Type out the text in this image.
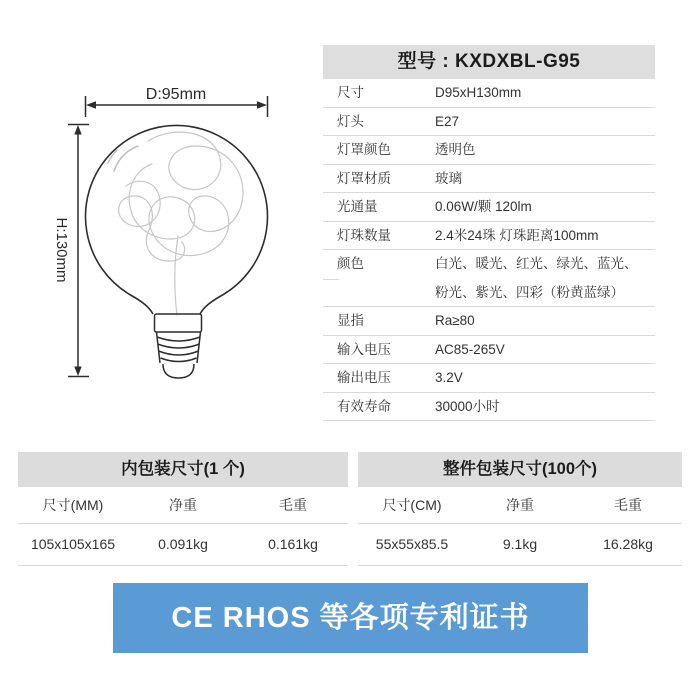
D:95mm
H:130mm
型号 : KXDXBL-G95
尺寸	D95xH130mm
灯头	E27
灯罩颜色	透明色
灯罩材质	玻璃
光通量	0.06W/颗 120lm
灯珠数量	2.4米24珠 灯珠距离100mm
颜色	白光、暖光、红光、绿光、蓝光、
粉光、紫光、四彩（粉黄蓝绿）
显指	Ra≥80
输入电压	AC85-265V
输出电压	3.2V
有效寿命	30000小时
内包装尺寸(1 个)
尺寸(MM)	净重	毛重
105x105x165	0.091kg	0.161kg
整件包装尺寸(100个)
尺寸(CM)	净重	毛重
55x55x85.5	9.1kg	16.28kg
CE RHOS 等各项专利证书
